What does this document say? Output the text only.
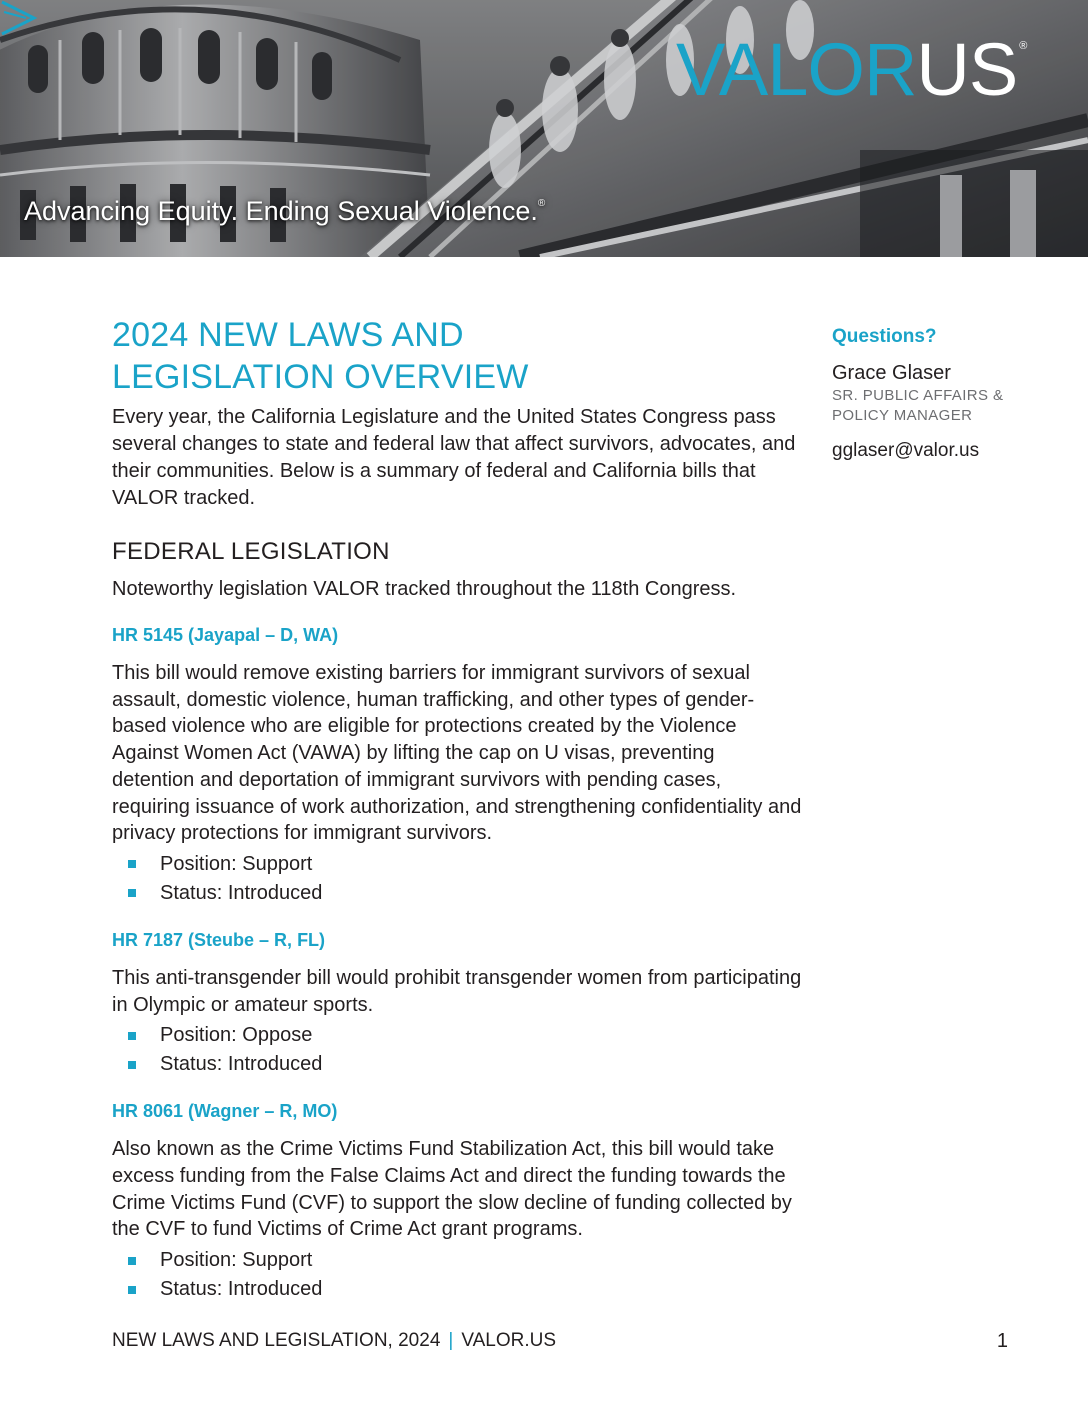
VALOR US ®
Advancing Equity. Ending Sexual Violence.®
2024 NEW LAWS AND
LEGISLATION OVERVIEW

Every year, the California Legislature and the United States Congress pass several changes to state and federal law that affect survivors, advocates, and their communities. Below is a summary of federal and California bills that VALOR tracked.

FEDERAL LEGISLATION

Noteworthy legislation VALOR tracked throughout the 118th Congress.

HR 5145 (Jayapal – D, WA)

This bill would remove existing barriers for immigrant survivors of sexual assault, domestic violence, human trafficking, and other types of gender-based violence who are eligible for protections created by the Violence Against Women Act (VAWA) by lifting the cap on U visas, preventing detention and deportation of immigrant survivors with pending cases, requiring issuance of work authorization, and strengthening confidentiality and privacy protections for immigrant survivors.

Position: Support
Status: Introduced
HR 7187 (Steube – R, FL)

This anti-transgender bill would prohibit transgender women from participating in Olympic or amateur sports.

Position: Oppose
Status: Introduced
HR 8061 (Wagner – R, MO)

Also known as the Crime Victims Fund Stabilization Act, this bill would take excess funding from the False Claims Act and direct the funding towards the Crime Victims Fund (CVF) to support the slow decline of funding collected by the CVF to fund Victims of Crime Act grant programs.

Position: Support
Status: Introduced

Questions?

Grace Glaser

SR. PUBLIC AFFAIRS &

POLICY MANAGER

gglaser@valor.us

NEW LAWS AND LEGISLATION, 2024 | VALOR.US	1
